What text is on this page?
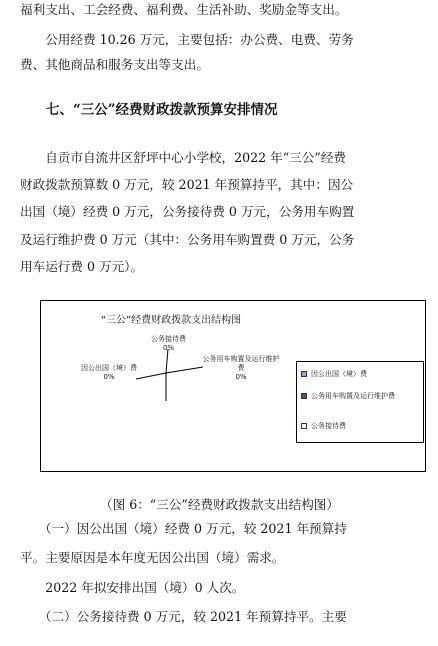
福利支出、工会经费、福利费、生活补助、奖励金等支出。
　　公用经费 10.26 万元，主要包括：办公费、电费、劳务
费、其他商品和服务支出等支出。
七、“三公”经费财政拨款预算安排情况
　　自贡市自流井区舒坪中心小学校，2022 年“三公”经费
财政拨款预算数 0 万元，较 2021 年预算持平，其中：因公
出国（境）经费 0 万元，公务接待费 0 万元，公务用车购置
及运行维护费 0 万元（其中：公务用车购置费 0 万元，公务
用车运行费 0 万元）。
“三公”经费财政拨款支出结构图
公务接待费
0%
因公出国（境）费
0%
公务用车购置及运行维护费
0%	因公出国（境）费
公务用车购置及运行维护费
公务接待费
（图 6：“三公”经费财政拨款支出结构图）
　　（一）因公出国（境）经费 0 万元，较 2021 年预算持
平。主要原因是本年度无因公出国（境）需求。
　　2022 年拟安排出国（境）0 人次。
　　（二）公务接待费 0 万元，较 2021 年预算持平。主要
